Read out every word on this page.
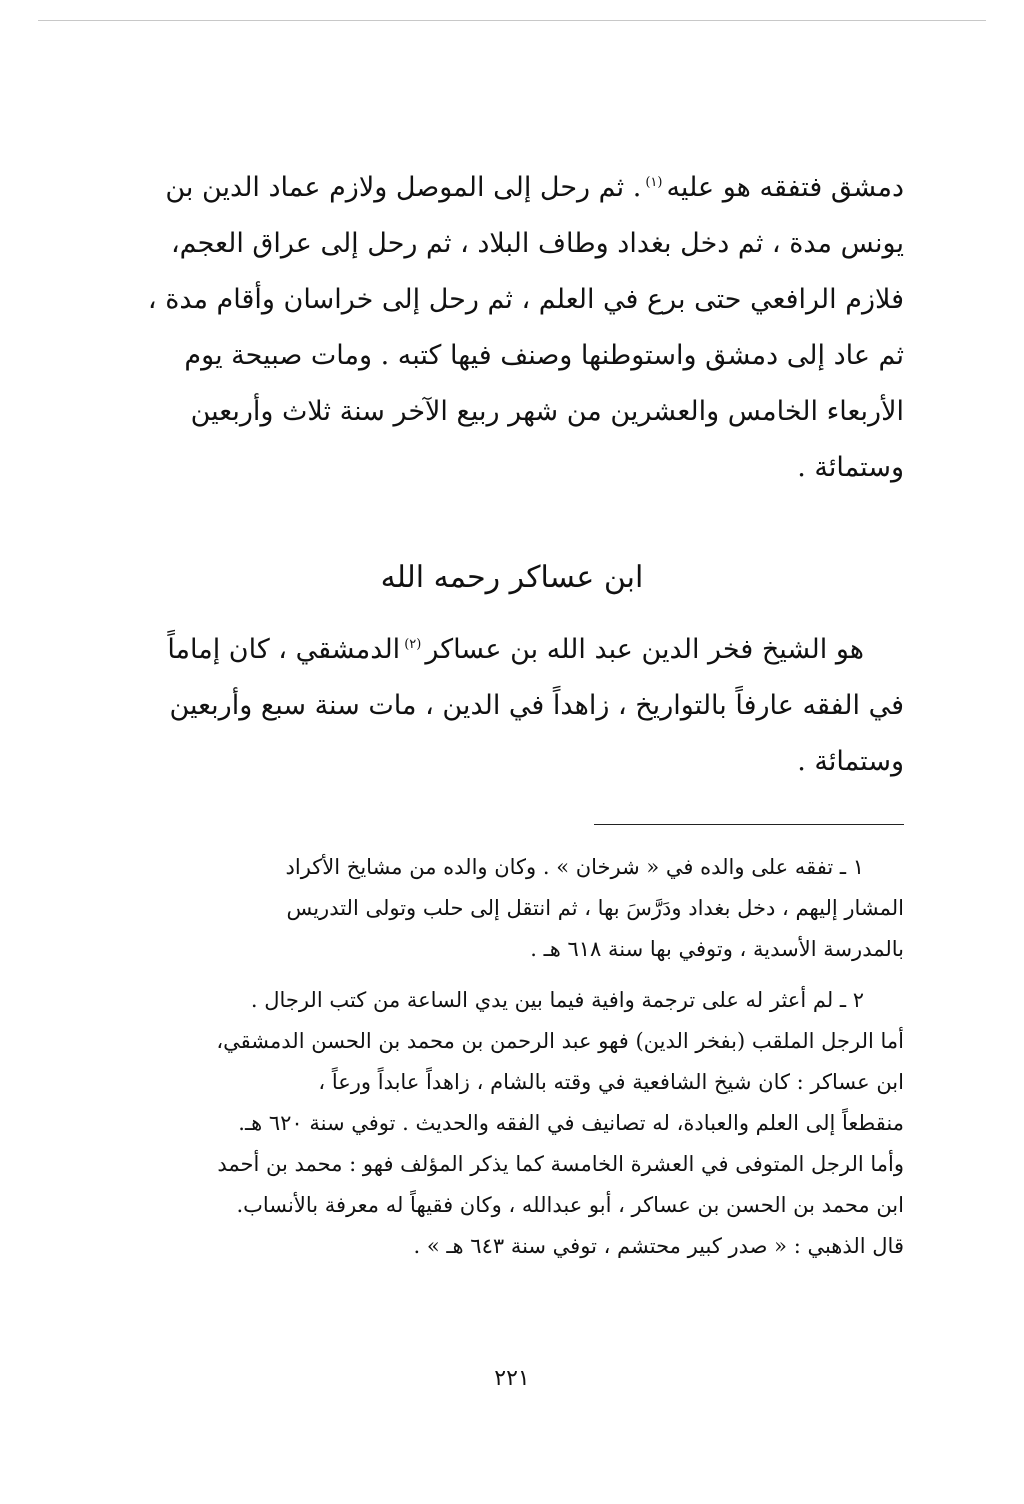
دمشق فتفقه هو عليه$^{(١)}$. ثم رحل إلى الموصل ولازم عماد الدين بن
يونس مدة ، ثم دخل بغداد وطاف البلاد ، ثم رحل إلى عراق العجم،
فلازم الرافعي حتى برع في العلم ، ثم رحل إلى خراسان وأقام مدة ،
ثم عاد إلى دمشق واستوطنها وصنف فيها كتبه . ومات صبيحة يوم
الأربعاء الخامس والعشرين من شهر ربيع الآخر سنة ثلاث وأربعين
وستمائة .

ابن عساكر رحمه الله

هو الشيخ فخر الدين عبد الله بن عساكر$^{(٢)}$الدمشقي ، كان إماماً
في الفقه عارفاً بالتواريخ ، زاهداً في الدين ، مات سنة سبع وأربعين
وستمائة .

١ ـ تفقه على والده في « شرخان » . وكان والده من مشايخ الأكراد
المشار إليهم ، دخل بغداد ودَرَّسَ بها ، ثم انتقل إلى حلب وتولى التدريس
بالمدرسة الأسدية ، وتوفي بها سنة ٦١٨ هـ .

٢ ـ لم أعثر له على ترجمة وافية فيما بين يدي الساعة من كتب الرجال .
أما الرجل الملقب (بفخر الدين) فهو عبد الرحمن بن محمد بن الحسن الدمشقي،
ابن عساكر : كان شيخ الشافعية في وقته بالشام ، زاهداً عابداً ورعاً ،
منقطعاً إلى العلم والعبادة، له تصانيف في الفقه والحديث . توفي سنة ٦٢٠ هـ.
وأما الرجل المتوفى في العشرة الخامسة كما يذكر المؤلف فهو : محمد بن أحمد
ابن محمد بن الحسن بن عساكر ، أبو عبدالله ، وكان فقيهاً له معرفة بالأنساب.
قال الذهبي : « صدر كبير محتشم ، توفي سنة ٦٤٣ هـ » .

٢٢١
